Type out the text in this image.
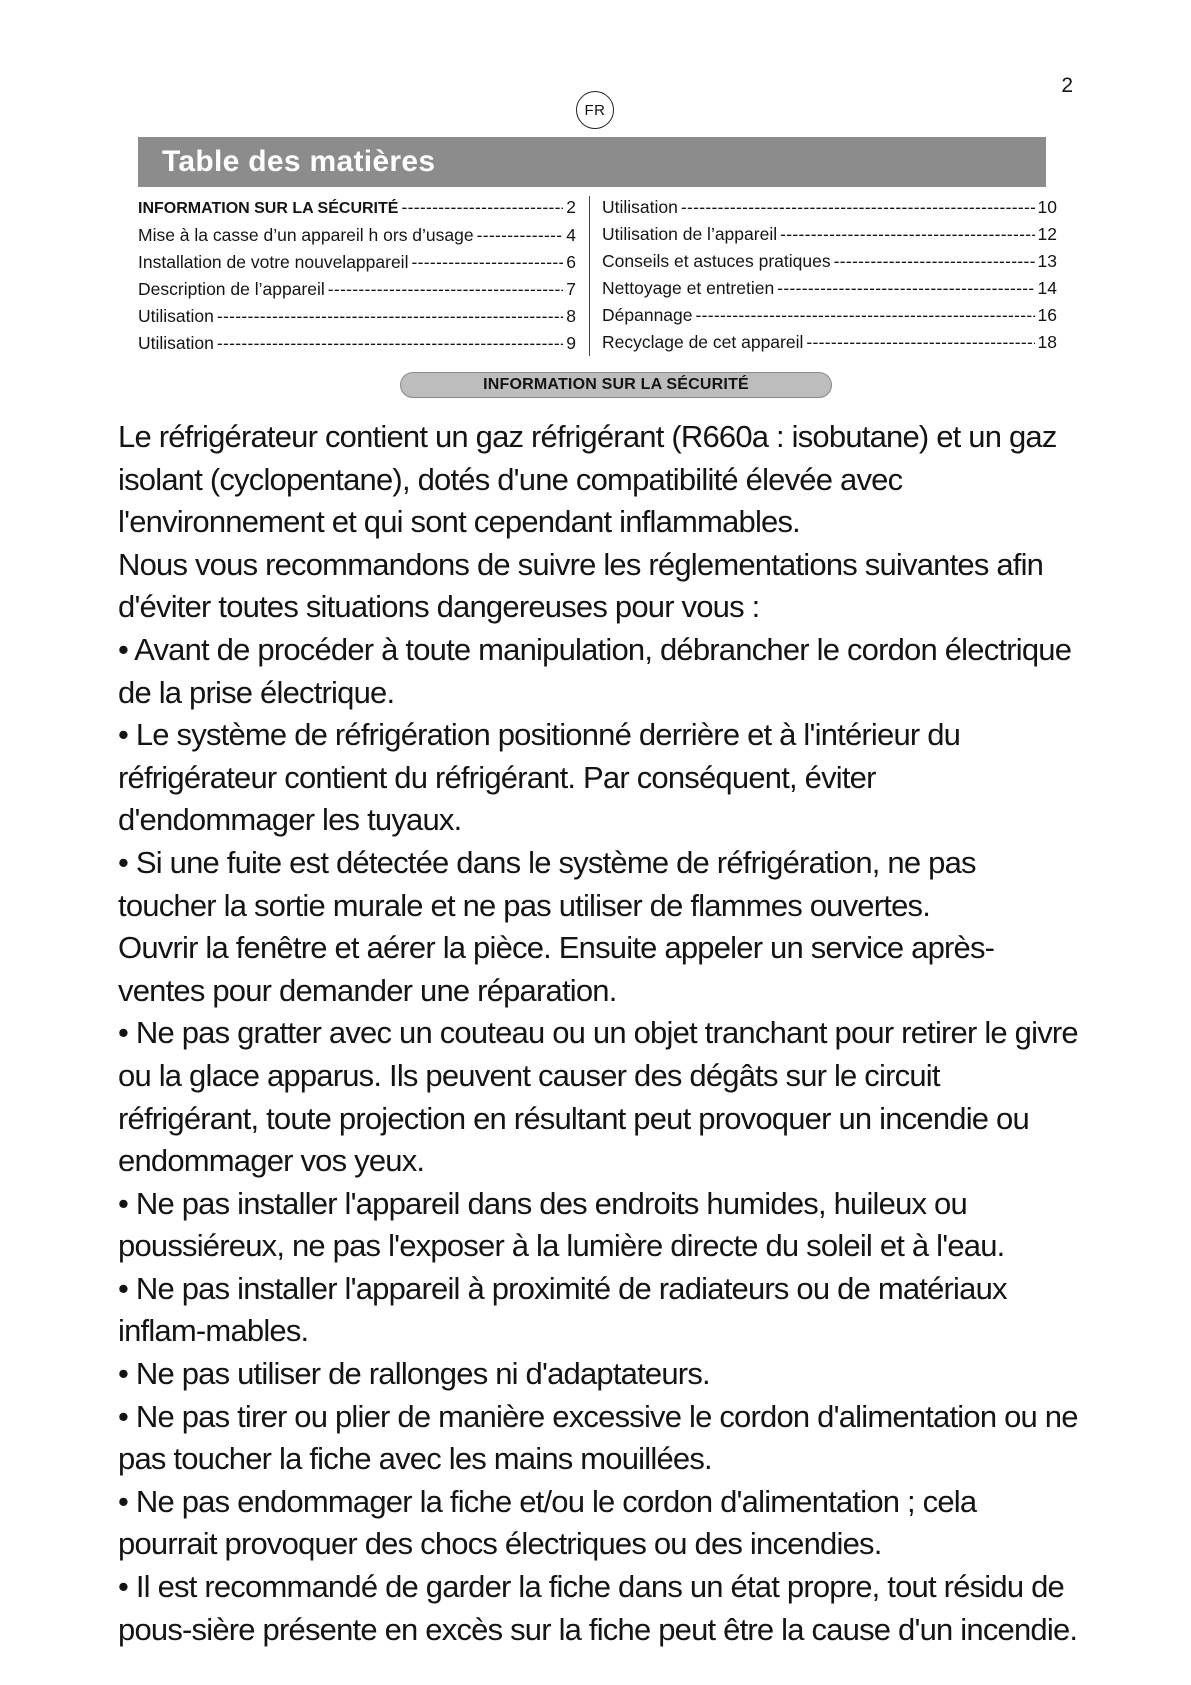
2
FR
Table des matières
INFORMATION SUR LA SÉCURITÉ -----	2
Mise à la casse d’un appareil h ors d’usage -----	4
Installation de votre nouvelappareil -----	6
Description de l’appareil -----	7
Utilisation -----	8
Utilisation -----	9
Utilisation -----	10
Utilisation de l’appareil -----	12
Conseils et astuces pratiques -----	13
Nettoyage et entretien -----	14
Dépannage -----	16
Recyclage de cet appareil -----	18
INFORMATION SUR LA SÉCURITÉ

Le réfrigérateur contient un gaz réfrigérant (R660a : isobutane) et un gaz isolant (cyclopentane), dotés d'une compatibilité élevée avec l'environnement et qui sont cependant inflammables.

Nous vous recommandons de suivre les réglementations suivantes afin d'éviter toutes situations dangereuses pour vous :

• Avant de procéder à toute manipulation, débrancher le cordon électrique de la prise électrique.

• Le système de réfrigération positionné derrière et à l'intérieur du réfrigérateur contient du réfrigérant. Par conséquent, éviter d'endommager les tuyaux.

• Si une fuite est détectée dans le système de réfrigération, ne pas toucher la sortie murale et ne pas utiliser de flammes ouvertes.

Ouvrir la fenêtre et aérer la pièce. Ensuite appeler un service après-ventes pour demander une réparation.

• Ne pas gratter avec un couteau ou un objet tranchant pour retirer le givre ou la glace apparus. Ils peuvent causer des dégâts sur le circuit réfrigérant, toute projection en résultant peut provoquer un incendie ou endommager vos yeux.

• Ne pas installer l'appareil dans des endroits humides, huileux ou poussiéreux, ne pas l'exposer à la lumière directe du soleil et à l'eau.

• Ne pas installer l'appareil à proximité de radiateurs ou de matériaux inflam-mables.

• Ne pas utiliser de rallonges ni d'adaptateurs.

• Ne pas tirer ou plier de manière excessive le cordon d'alimentation ou ne pas toucher la fiche avec les mains mouillées.

• Ne pas endommager la fiche et/ou le cordon d'alimentation ; cela pourrait provoquer des chocs électriques ou des incendies.

• Il est recommandé de garder la fiche dans un état propre, tout résidu de pous-sière présente en excès sur la fiche peut être la cause d'un incendie.
